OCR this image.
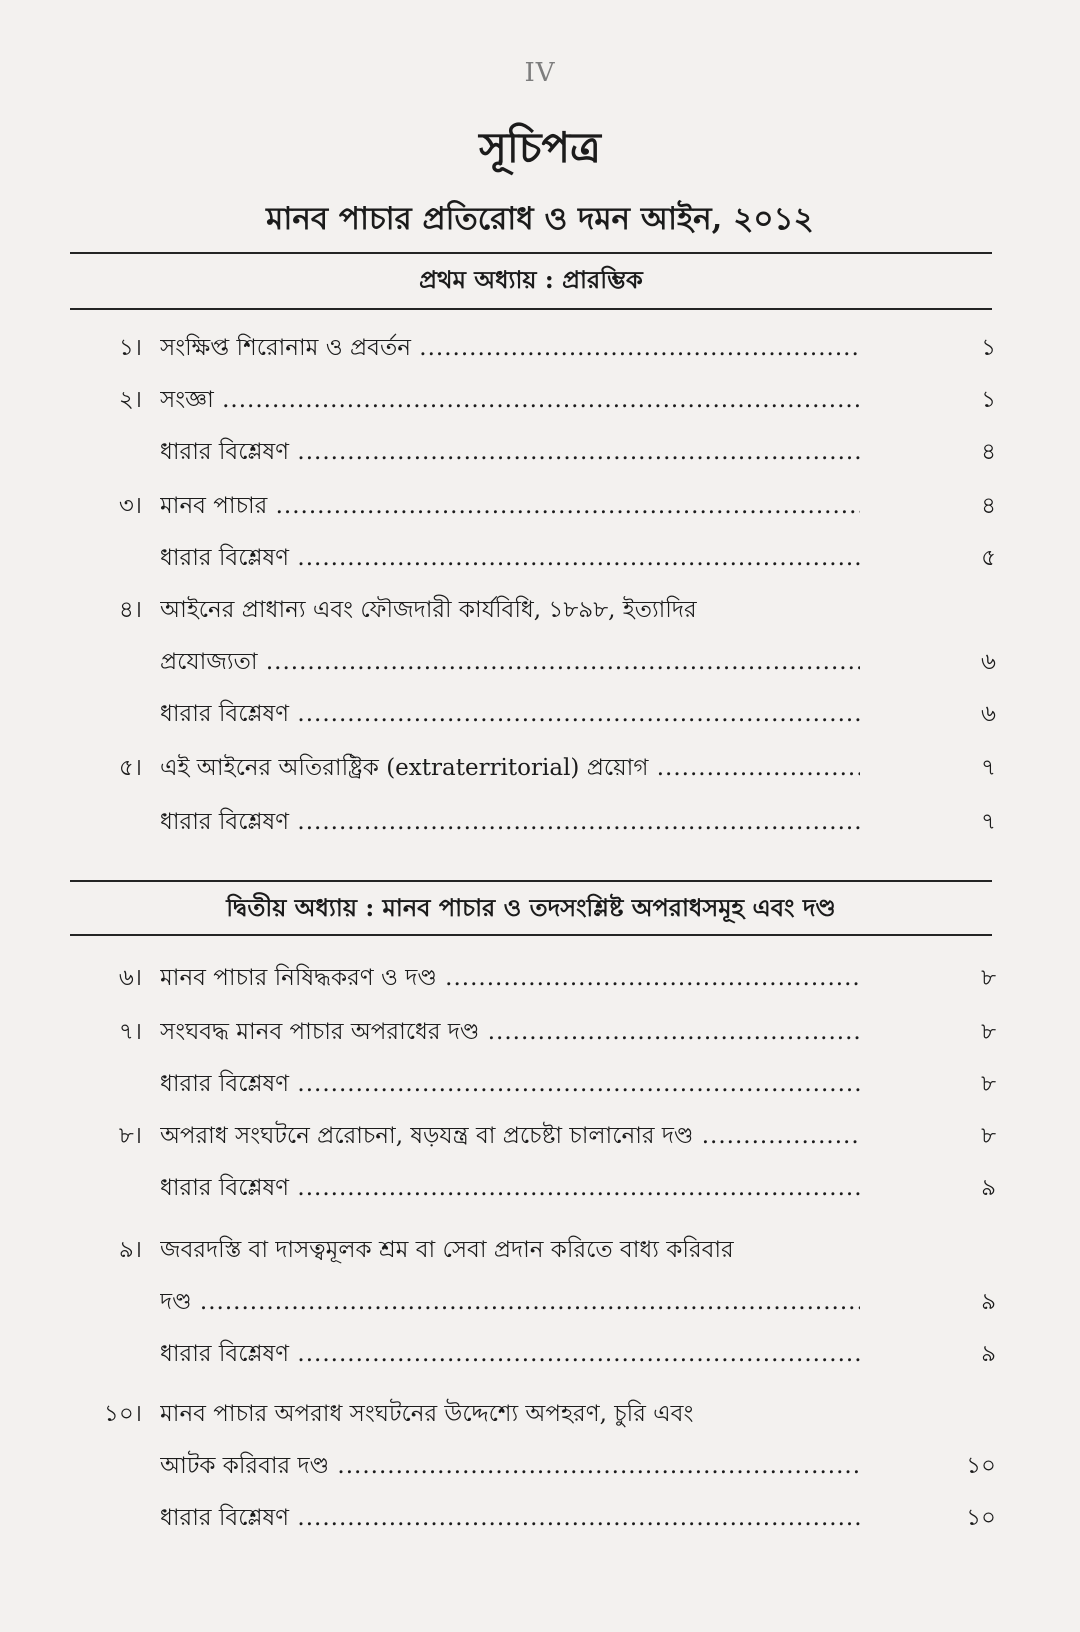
IV
সূচিপত্র
মানব পাচার প্রতিরোধ ও দমন আইন, ২০১২
প্রথম অধ্যায় : প্রারম্ভিক
১। সংক্ষিপ্ত শিরোনাম ও প্রবর্তন .....	১
২। সংজ্ঞা .....	১
ধারার বিশ্লেষণ .....	৪
৩। মানব পাচার .....	৪
ধারার বিশ্লেষণ .....	৫
৪। আইনের প্রাধান্য এবং ফৌজদারী কার্যবিধি, ১৮৯৮, ইত্যাদির
প্রযোজ্যতা .....	৬
ধারার বিশ্লেষণ .....	৬
৫। এই আইনের অতিরাষ্ট্রিক (extraterritorial) প্রয়োগ .....	৭
ধারার বিশ্লেষণ .....	৭
দ্বিতীয় অধ্যায় : মানব পাচার ও তদসংশ্লিষ্ট অপরাধসমূহ এবং দণ্ড
৬। মানব পাচার নিষিদ্ধকরণ ও দণ্ড .....	৮
৭। সংঘবদ্ধ মানব পাচার অপরাধের দণ্ড .....	৮
ধারার বিশ্লেষণ .....	৮
৮। অপরাধ সংঘটনে প্ররোচনা, ষড়যন্ত্র বা প্রচেষ্টা চালানোর দণ্ড .....	৮
ধারার বিশ্লেষণ .....	৯
৯। জবরদস্তি বা দাসত্বমূলক শ্রম বা সেবা প্রদান করিতে বাধ্য করিবার
দণ্ড .....	৯
ধারার বিশ্লেষণ .....	৯
১০। মানব পাচার অপরাধ সংঘটনের উদ্দেশ্যে অপহরণ, চুরি এবং
আটক করিবার দণ্ড .....	১০
ধারার বিশ্লেষণ .....	১০
